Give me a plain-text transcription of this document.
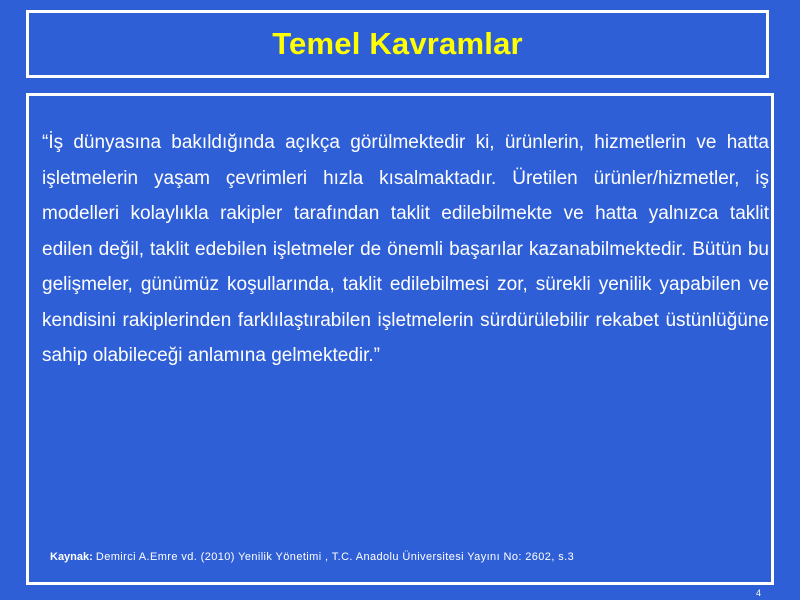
Temel Kavramlar

“İş dünyasına bakıldığında açıkça görülmektedir ki, ürünlerin, hizmetlerin ve hatta işletmelerin yaşam çevrimleri hızla kısalmaktadır. Üretilen ürünler/hizmetler, iş modelleri kolaylıkla rakipler tarafından taklit edilebilmekte ve hatta yalnızca taklit edilen değil, taklit edebilen işletmeler de önemli başarılar kazanabilmektedir. Bütün bu gelişmeler, günümüz koşullarında, taklit edilebilmesi zor, sürekli yenilik yapabilen ve kendisini rakiplerinden farklılaştırabilen işletmelerin sürdürülebilir rekabet üstünlüğüne sahip olabileceği anlamına gelmektedir.”

Kaynak: Demirci A.Emre vd. (2010) Yenilik Yönetimi , T.C. Anadolu Üniversitesi Yayını No: 2602, s.3

4
